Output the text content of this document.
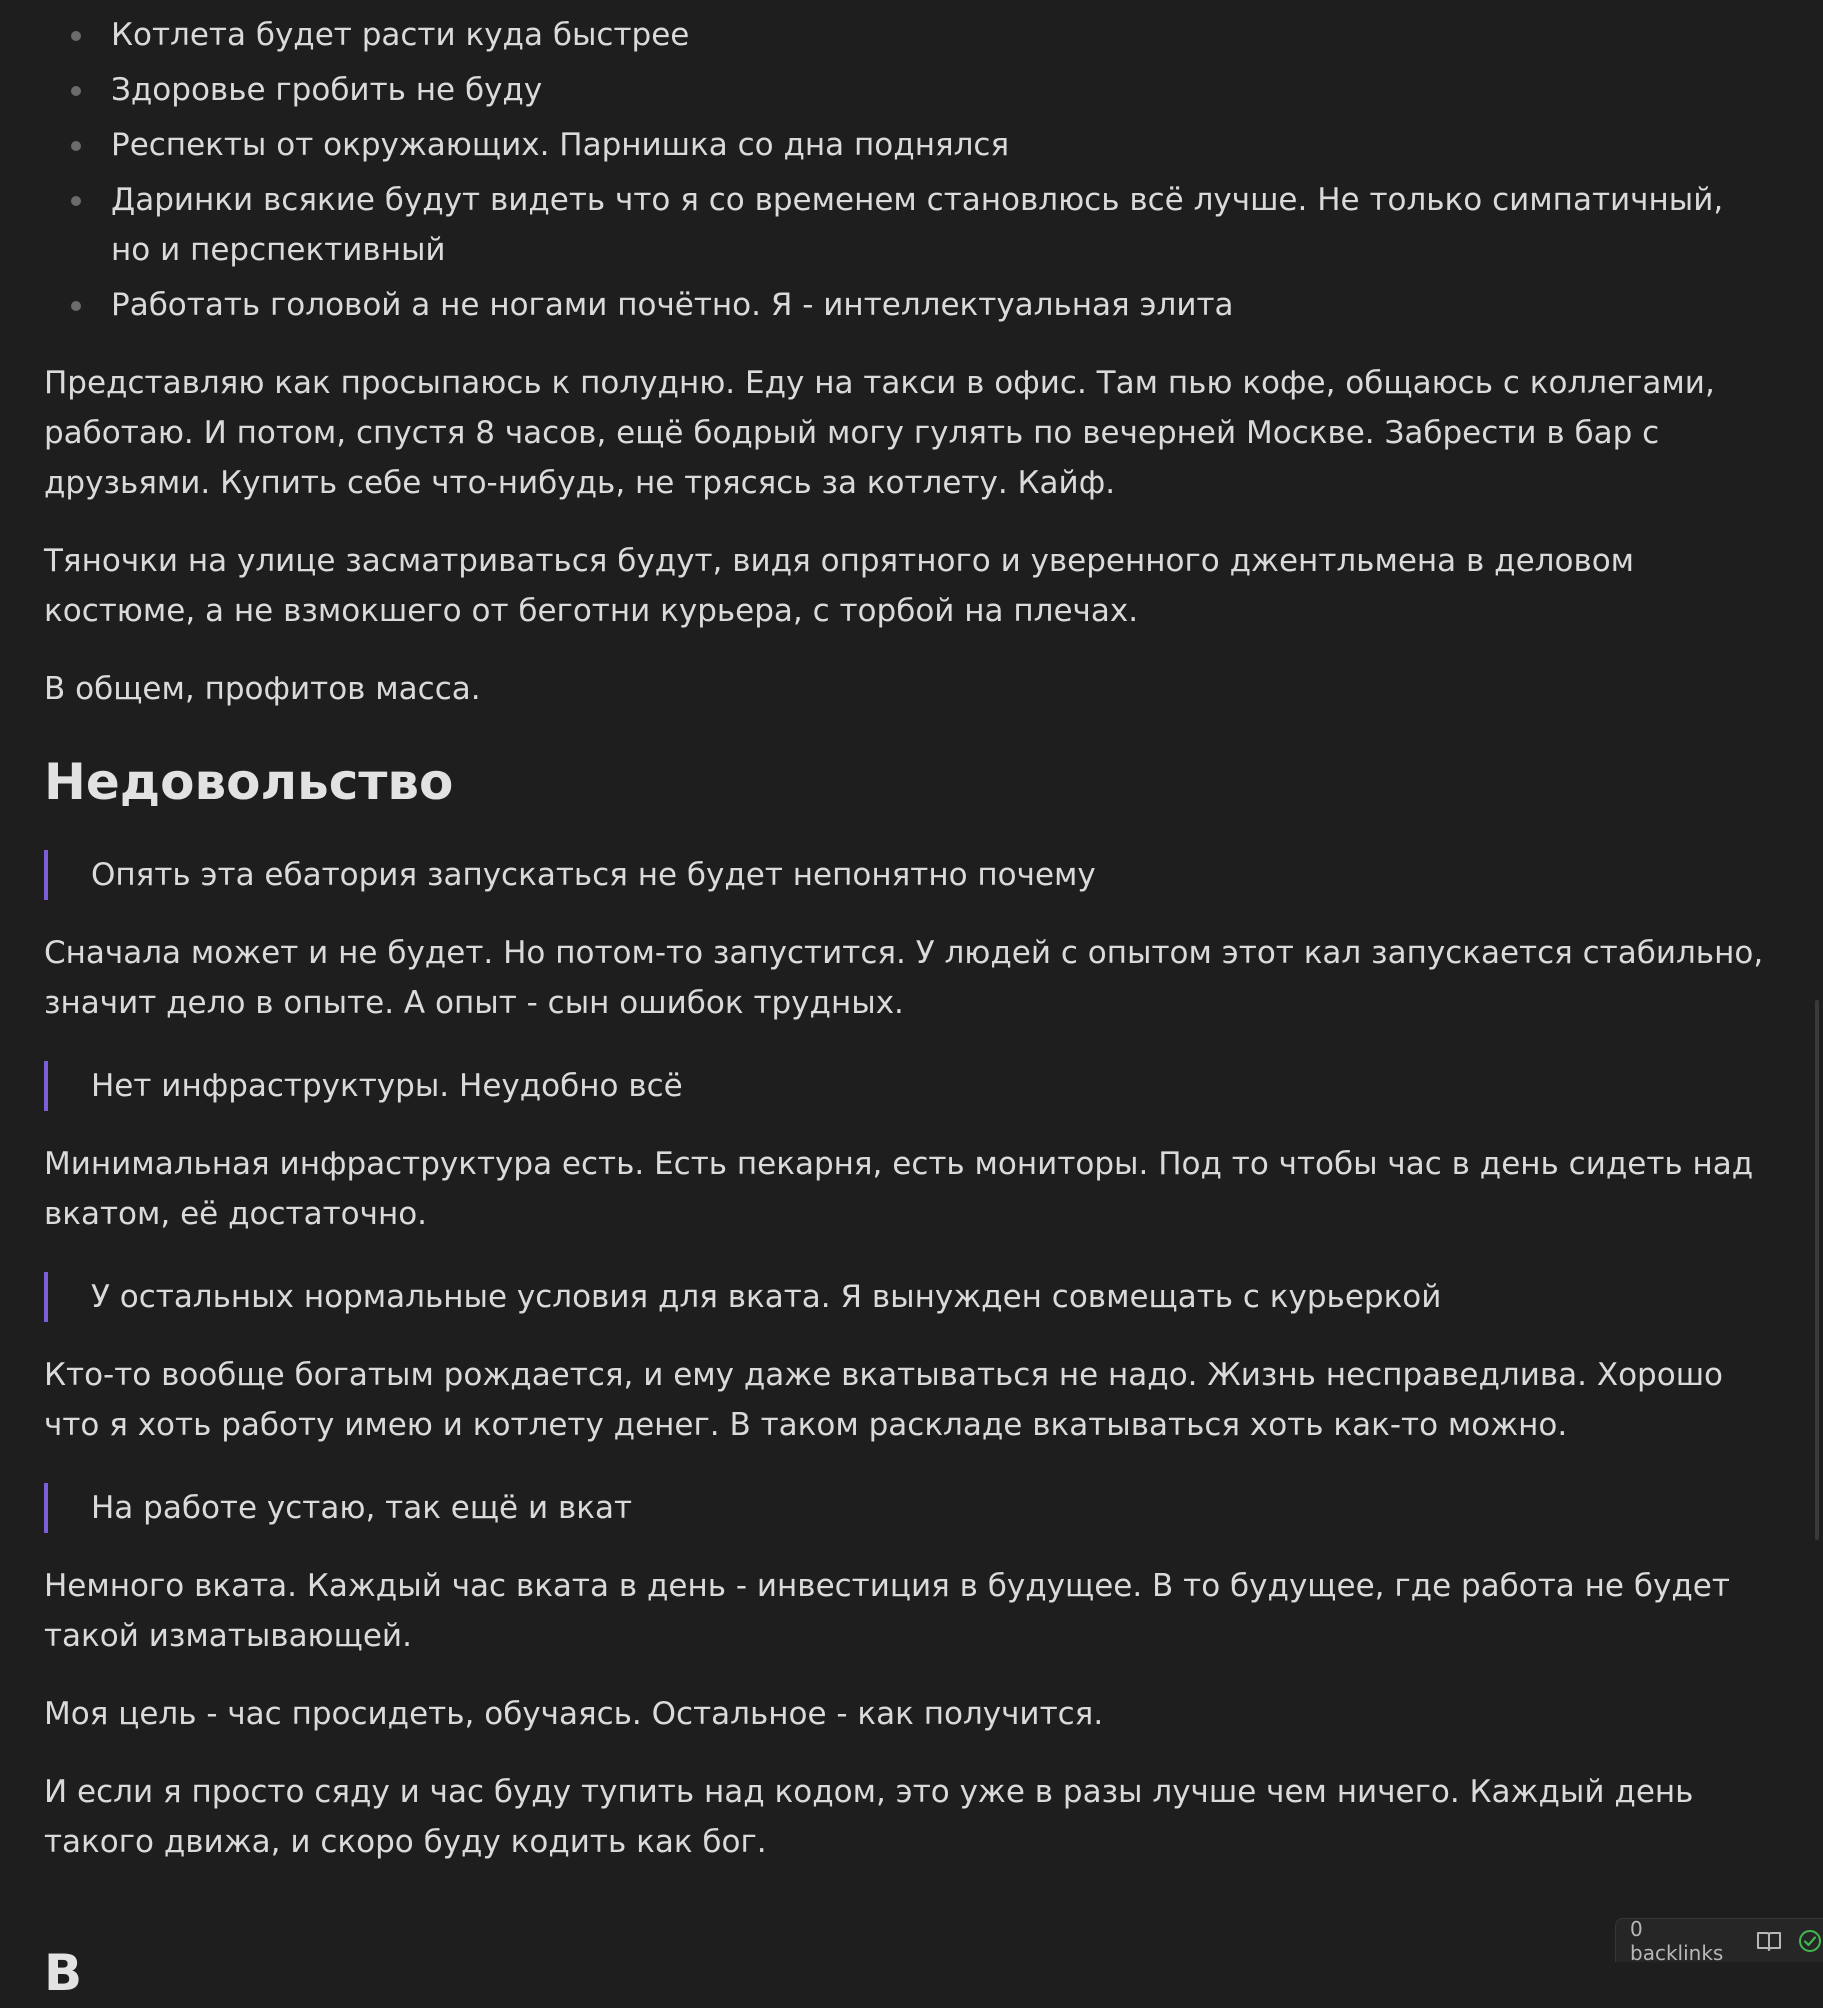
Котлета будет расти куда быстрее
Здоровье гробить не буду
Респекты от окружающих. Парнишка со дна поднялся
Даринки всякие будут видеть что я со временем становлюсь всё лучше. Не только симпатичный, но и перспективный
Работать головой а не ногами почётно. Я - интеллектуальная элита

Представляю как просыпаюсь к полудню. Еду на такси в офис. Там пью кофе, общаюсь с коллегами, работаю. И потом, спустя 8 часов, ещё бодрый могу гулять по вечерней Москве. Забрести в бар с друзьями. Купить себе что-нибудь, не трясясь за котлету. Кайф.

Тяночки на улице засматриваться будут, видя опрятного и уверенного джентльмена в деловом костюме, а не взмокшего от беготни курьера, с торбой на плечах.

В общем, профитов масса.

Недовольство
Опять эта ебатория запускаться не будет непонятно почему

Сначала может и не будет. Но потом-то запустится. У людей с опытом этот кал запускается стабильно, значит дело в опыте. А опыт - сын ошибок трудных.

Нет инфраструктуры. Неудобно всё

Минимальная инфраструктура есть. Есть пекарня, есть мониторы. Под то чтобы час в день сидеть над вкатом, её достаточно.

У остальных нормальные условия для вката. Я вынужден совмещать с курьеркой

Кто-то вообще богатым рождается, и ему даже вкатываться не надо. Жизнь несправедлива. Хорошо что я хоть работу имею и котлету денег. В таком раскладе вкатываться хоть как-то можно.

На работе устаю, так ещё и вкат

Немного вката. Каждый час вката в день - инвестиция в будущее. В то будущее, где работа не будет такой изматывающей.

Моя цель - час просидеть, обучаясь. Остальное - как получится.

И если я просто сяду и час буду тупить над кодом, это уже в разы лучше чем ничего. Каждый день такого движа, и скоро буду кодить как бог.

В
0 backlinks
